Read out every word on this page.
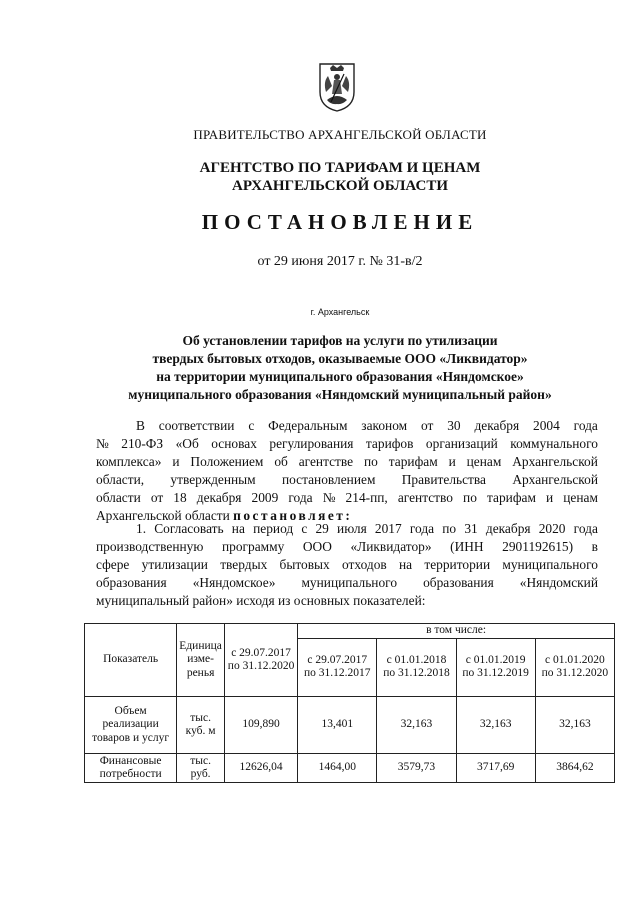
ПРАВИТЕЛЬСТВО АРХАНГЕЛЬСКОЙ ОБЛАСТИ
АГЕНТСТВО ПО ТАРИФАМ И ЦЕНАМ
АРХАНГЕЛЬСКОЙ ОБЛАСТИ
ПОСТАНОВЛЕНИЕ
от 29 июня 2017 г. № 31-в/2
г. Архангельск
Об установлении тарифов на услуги по утилизации
твердых бытовых отходов, оказываемые ООО «Ликвидатор»
на территории муниципального образования «Няндомское»
муниципального образования «Няндомский муниципальный район»
В соответствии с Федеральным законом от 30 декабря 2004 года
№ 210-ФЗ «Об основах регулирования тарифов организаций коммунального
комплекса» и Положением об агентстве по тарифам и ценам Архангельской
области, утвержденным постановлением Правительства Архангельской
области от 18 декабря 2009 года № 214-пп, агентство по тарифам и ценам
Архангельской области
постановляет:
1. Согласовать на период с 29 июля 2017 года по 31 декабря 2020 года
производственную программу ООО «Ликвидатор» (ИНН 2901192615) в
сфере утилизации твердых бытовых отходов на территории муниципального
образования «Няндомское» муниципального образования «Няндомский
муниципальный район» исходя из основных показателей:
Показатель	Единица изме-ренья	с 29.07.2017 по 31.12.2020	в том числе:			
			с 29.07.2017 по 31.12.2017	с 01.01.2018 по 31.12.2018	с 01.01.2019 по 31.12.2019	с 01.01.2020 по 31.12.2020
Объем реализации товаров и услуг	тыс. куб. м	109,890	13,401	32,163	32,163	32,163
Финансовые потребности	тыс. руб.	12626,04	1464,00	3579,73	3717,69	3864,62
